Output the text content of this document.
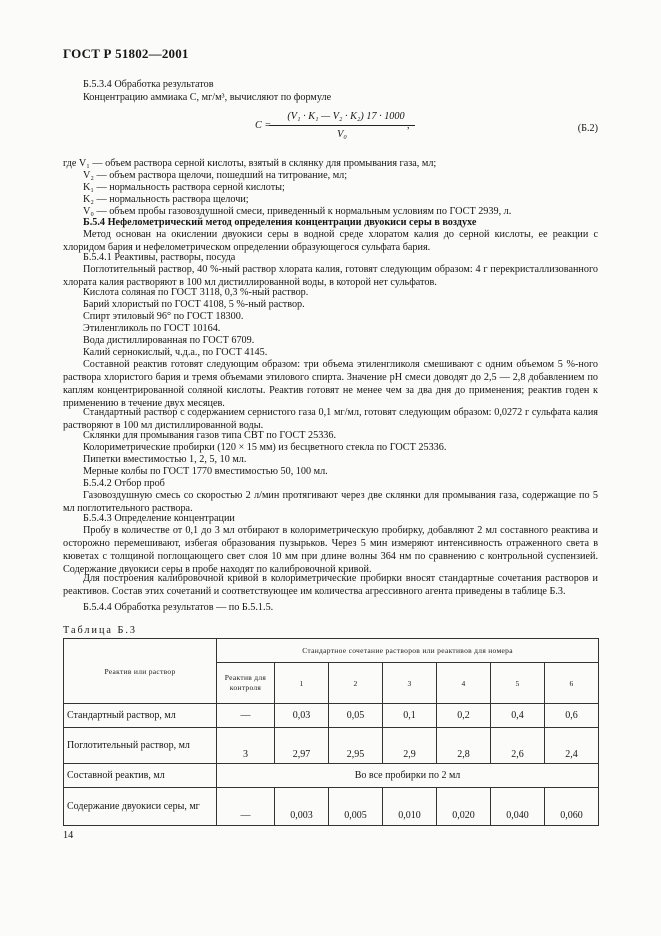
ГОСТ Р 51802—2001
Б.5.3.4 Обработка результатов
Концентрацию аммиака С, мг/м³, вычисляют по формуле
C =
(V₁ · K₁ — V₂ · K₂) 17 · 1000
V₀
,	(Б.2)
где V₁ — объем раствора серной кислоты, взятый в склянку для промывания газа, мл;
V₂ — объем раствора щелочи, пошедший на титрование, мл;
K₁ — нормальность раствора серной кислоты;
K₂ — нормальность раствора щелочи;
V₀ — объем пробы газовоздушной смеси, приведенный к нормальным условиям по ГОСТ 2939, л.
Б.5.4 Нефелометрический метод определения концентрации двуокиси серы в воздухе
Метод основан на окислении двуокиси серы в водной среде хлоратом калия до серной кислоты, ее реакции с хлоридом бария и нефелометрическом определении образующегося сульфата бария.
Б.5.4.1 Реактивы, растворы, посуда
Поглотительный раствор, 40 %-ный раствор хлората калия, готовят следующим образом: 4 г перекристаллизованного хлората калия растворяют в 100 мл дистиллированной воды, в которой нет сульфатов.
Кислота соляная по ГОСТ 3118, 0,3 %-ный раствор.
Барий хлористый по ГОСТ 4108, 5 %-ный раствор.
Спирт этиловый 96° по ГОСТ 18300.
Этиленгликоль по ГОСТ 10164.
Вода дистиллированная по ГОСТ 6709.
Калий сернокислый, ч.д.а., по ГОСТ 4145.
Составной реактив готовят следующим образом: три объема этиленгликоля смешивают с одним объемом 5 %-ного раствора хлористого бария и тремя объемами этилового спирта. Значение pH смеси доводят до 2,5 — 2,8 добавлением по каплям концентрированной соляной кислоты. Реактив готовят не менее чем за два дня до применения; реактив годен к применению в течение двух месяцев.
Стандартный раствор с содержанием сернистого газа 0,1 мг/мл, готовят следующим образом: 0,0272 г сульфата калия растворяют в 100 мл дистиллированной воды.
Склянки для промывания газов типа СВТ по ГОСТ 25336.
Колориметрические пробирки (120 × 15 мм) из бесцветного стекла по ГОСТ 25336.
Пипетки вместимостью 1, 2, 5, 10 мл.
Мерные колбы по ГОСТ 1770 вместимостью 50, 100 мл.
Б.5.4.2 Отбор проб
Газовоздушную смесь со скоростью 2 л/мин протягивают через две склянки для промывания газа, содержащие по 5 мл поглотительного раствора.
Б.5.4.3 Определение концентрации
Пробу в количестве от 0,1 до 3 мл отбирают в колориметрическую пробирку, добавляют 2 мл составного реактива и осторожно перемешивают, избегая образования пузырьков. Через 5 мин измеряют интенсивность отраженного света в кюветах с толщиной поглощающего свет слоя 10 мм при длине волны 364 нм по сравнению с контрольной суспензией. Содержание двуокиси серы в пробе находят по калибровочной кривой.
Для построения калибровочной кривой в колориметрические пробирки вносят стандартные сочетания растворов и реактивов. Состав этих сочетаний и соответствующее им количества агрессивного агента приведены в таблице Б.3.
Б.5.4.4 Обработка результатов — по Б.5.1.5.
Таблица Б.3
Реактив или раствор	Стандартное сочетание растворов или реактивов для номера						
	Реактив для контроля	1	2	3	4	5	6
Стандартный раствор, мл	—	0,03	0,05	0,1	0,2	0,4	0,6
Поглотительный раствор, мл	3	2,97	2,95	2,9	2,8	2,6	2,4
Составной реактив, мл	Во все пробирки по 2 мл						
Содержание двуокиси серы, мг	—	0,003	0,005	0,010	0,020	0,040	0,060
14
